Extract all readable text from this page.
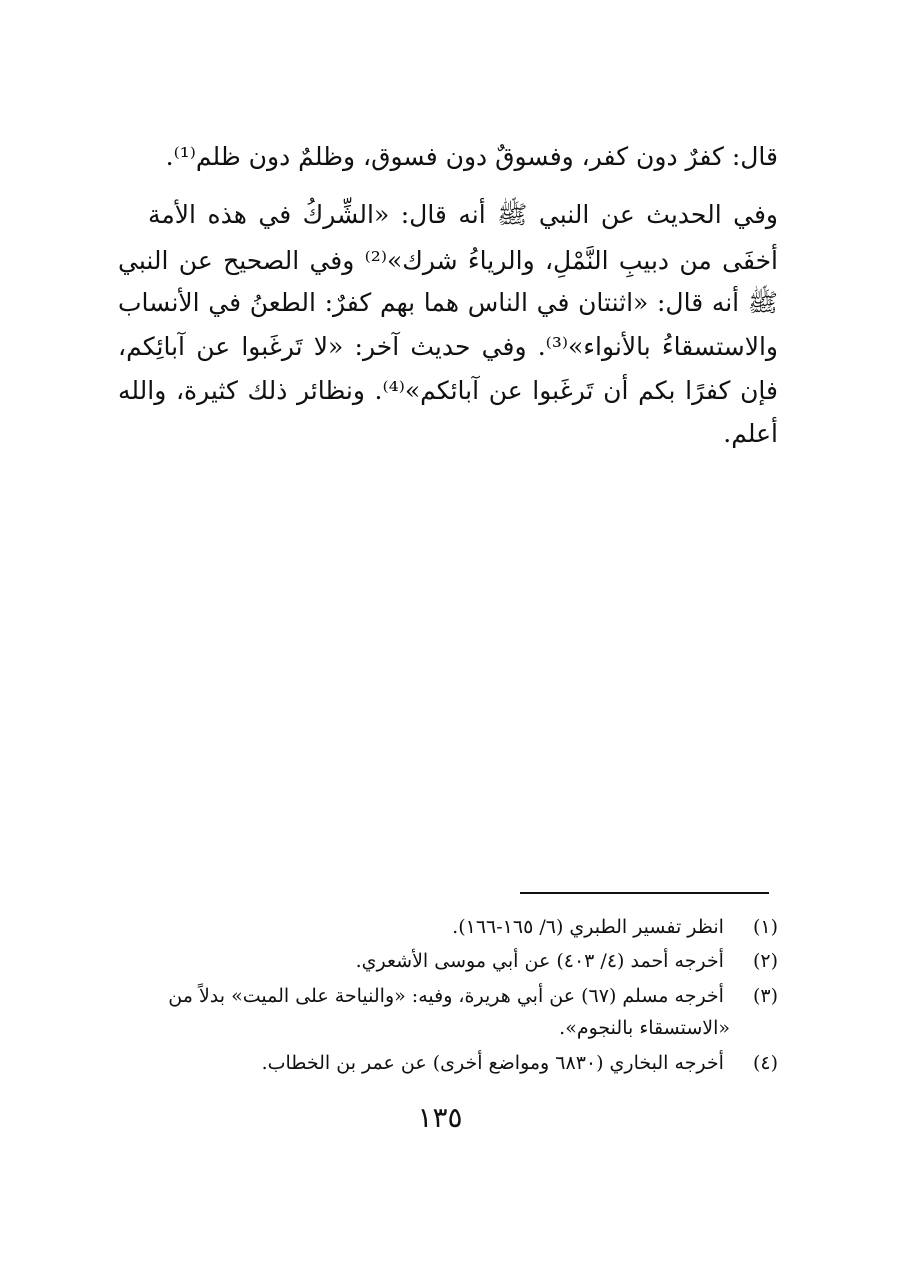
قال: كفرٌ دون كفر، وفسوقٌ دون فسوق، وظلمٌ دون ظلم⁽¹⁾.
وفي الحديث عن النبي ﷺ أنه قال: «الشِّركُ في هذه الأمة
أخفَى من دبيبِ النَّمْلِ، والرياءُ شرك»⁽²⁾ وفي الصحيح عن النبي
ﷺ أنه قال: «اثنتان في الناس هما بهم كفرٌ: الطعنُ في الأنساب
والاستسقاءُ بالأنواء»⁽³⁾. وفي حديث آخر: «لا تَرغَبوا عن آبائِكم،
فإن كفرًا بكم أن تَرغَبوا عن آبائكم»⁽⁴⁾. ونظائر ذلك كثيرة، والله
أعلم.
(١) انظر تفسير الطبري (٦/ ١٦٥-١٦٦).
(٢) أخرجه أحمد (٤/ ٤٠٣) عن أبي موسى الأشعري.
(٣) أخرجه مسلم (٦٧) عن أبي هريرة، وفيه: «والنياحة على الميت» بدلاً من
«الاستسقاء بالنجوم».
(٤) أخرجه البخاري (٦٨٣٠ ومواضع أخرى) عن عمر بن الخطاب.
١٣٥
